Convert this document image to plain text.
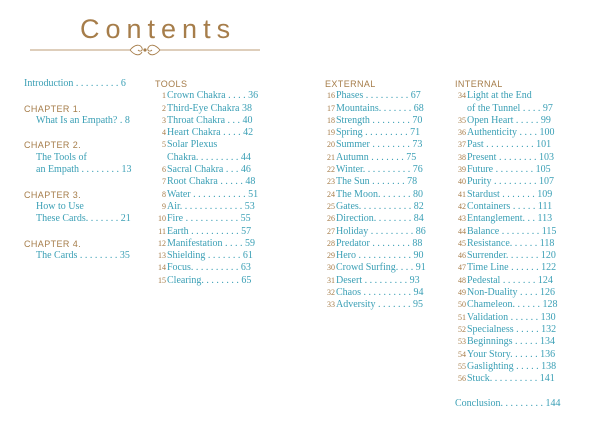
Contents
Introduction . . . . . . . . . 6
CHAPTER 1.
What Is an Empath? . 8
CHAPTER 2.
The Tools of
an Empath . . . . . . . . 13
CHAPTER 3.
How to Use
These Cards. . . . . . . 21
CHAPTER 4.
The Cards . . . . . . . . 35
TOOLS
1Crown Chakra . . . . 36
2Third-Eye Chakra 38
3Throat Chakra . . . 40
4Heart Chakra . . . . 42
5Solar Plexus
Chakra. . . . . . . . . 44
6Sacral Chakra . . . 46
7Root Chakra . . . . . 48
8Water . . . . . . . . . . . 51
9Air. . . . . . . . . . . . . 53
10Fire . . . . . . . . . . . 55
11Earth . . . . . . . . . . 57
12Manifestation . . . . 59
13Shielding . . . . . . . 61
14Focus. . . . . . . . . . 63
15Clearing. . . . . . . . 65
EXTERNAL
16Phases . . . . . . . . . 67
17Mountains. . . . . . . 68
18Strength . . . . . . . . 70
19Spring . . . . . . . . . 71
20Summer . . . . . . . . 73
21Autumn . . . . . . . 75
22Winter. . . . . . . . . . 76
23The Sun . . . . . . . 78
24The Moon. . . . . . . 80
25Gates. . . . . . . . . . . 82
26Direction. . . . . . . . 84
27Holiday . . . . . . . . . 86
28Predator . . . . . . . . 88
29Hero . . . . . . . . . . . 90
30Crowd Surfing. . . . 91
31Desert . . . . . . . . . 93
32Chaos . . . . . . . . . . 94
33Adversity . . . . . . . 95
INTERNAL
34Light at the End
of the Tunnel . . . . 97
35Open Heart . . . . . 99
36Authenticity . . . . 100
37Past . . . . . . . . . . 101
38Present . . . . . . . . 103
39Future . . . . . . . . 105
40Purity . . . . . . . . . 107
41Stardust . . . . . . . 109
42Containers . . . . . 111
43Entanglement. . . 113
44Balance . . . . . . . . 115
45Resistance. . . . . . 118
46Surrender. . . . . . . 120
47Time Line . . . . . . 122
48Pedestal . . . . . . . 124
49Non-Duality . . . . 126
50Chameleon. . . . . . 128
51Validation . . . . . . 130
52Specialness . . . . . 132
53Beginnings . . . . . 134
54Your Story. . . . . . 136
55Gaslighting . . . . . 138
56Stuck. . . . . . . . . . 141
Conclusion. . . . . . . . . 144
